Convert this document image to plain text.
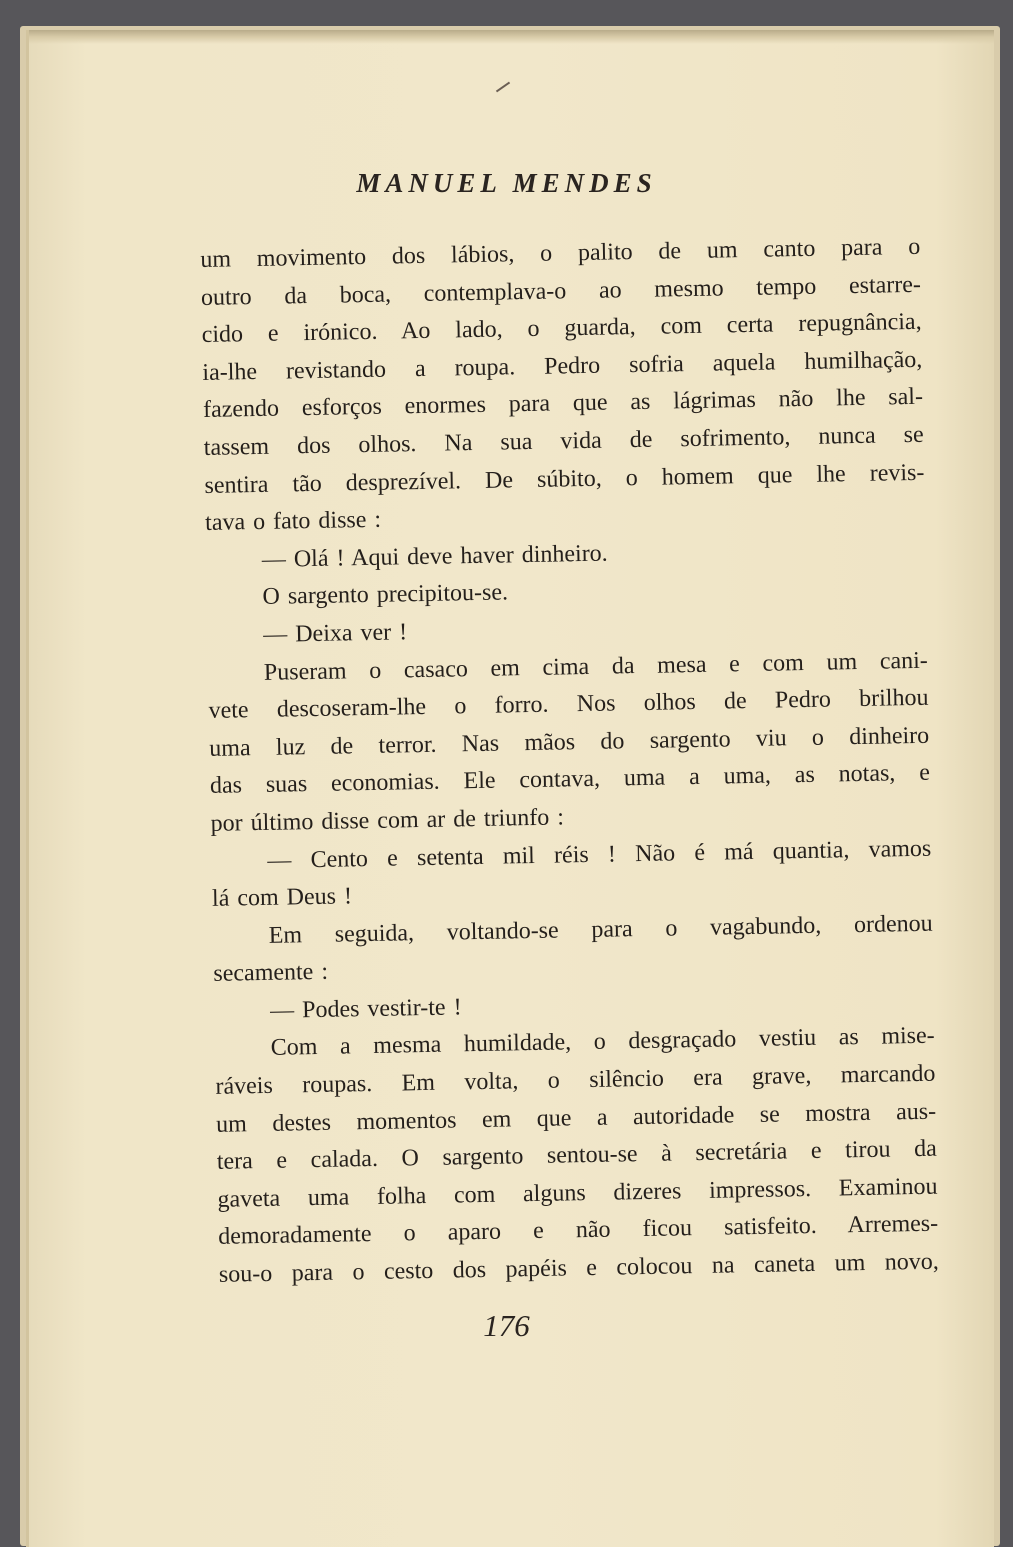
MANUEL MENDES
um movimento dos lábios, o palito de um canto para o
outro da boca, contemplava-o ao mesmo tempo estarre-
cido e irónico. Ao lado, o guarda, com certa repugnância,
ia-lhe revistando a roupa. Pedro sofria aquela humilhação,
fazendo esforços enormes para que as lágrimas não lhe sal-
tassem dos olhos. Na sua vida de sofrimento, nunca se
sentira tão desprezível. De súbito, o homem que lhe revis-
tava o fato disse :
— Olá ! Aqui deve haver dinheiro.
O sargento precipitou-se.
— Deixa ver !
Puseram o casaco em cima da mesa e com um cani-
vete descoseram-lhe o forro. Nos olhos de Pedro brilhou
uma luz de terror. Nas mãos do sargento viu o dinheiro
das suas economias. Ele contava, uma a uma, as notas, e
por último disse com ar de triunfo :
— Cento e setenta mil réis ! Não é má quantia, vamos
lá com Deus !
Em seguida, voltando-se para o vagabundo, ordenou
secamente :
— Podes vestir-te !
Com a mesma humildade, o desgraçado vestiu as mise-
ráveis roupas. Em volta, o silêncio era grave, marcando
um destes momentos em que a autoridade se mostra aus-
tera e calada. O sargento sentou-se à secretária e tirou da
gaveta uma folha com alguns dizeres impressos. Examinou
demoradamente o aparo e não ficou satisfeito. Arremes-
sou-o para o cesto dos papéis e colocou na caneta um novo,

176
